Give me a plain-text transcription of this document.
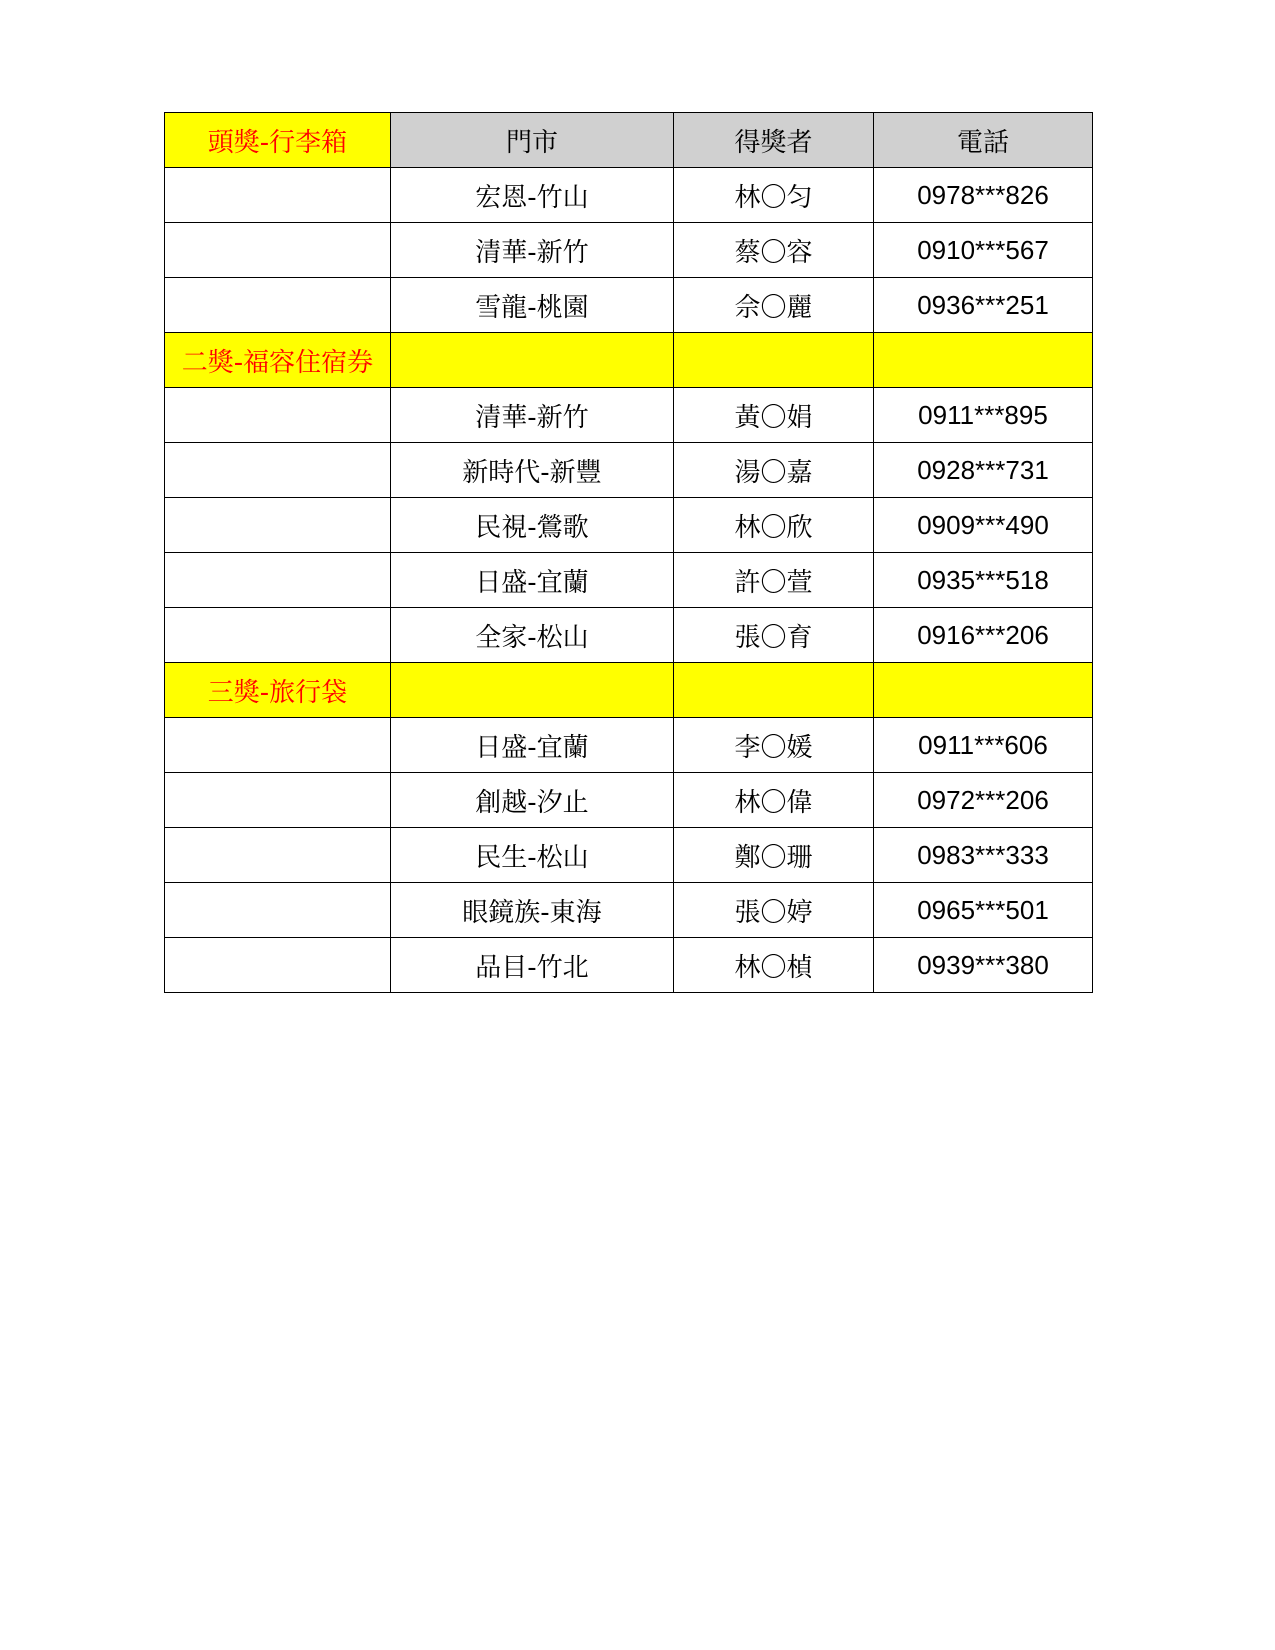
頭獎-行李箱	門市	得獎者	電話
	宏恩-竹山	林〇匀	0978***826
	清華-新竹	蔡〇容	0910***567
	雪龍-桃園	佘〇麗	0936***251
二獎-福容住宿券			
	清華-新竹	黃〇娟	0911***895
	新時代-新豐	湯〇嘉	0928***731
	民視-鶯歌	林〇欣	0909***490
	日盛-宜蘭	許〇萱	0935***518
	全家-松山	張〇育	0916***206
三獎-旅行袋			
	日盛-宜蘭	李〇媛	0911***606
	創越-汐止	林〇偉	0972***206
	民生-松山	鄭〇珊	0983***333
	眼鏡族-東海	張〇婷	0965***501
	品目-竹北	林〇楨	0939***380
